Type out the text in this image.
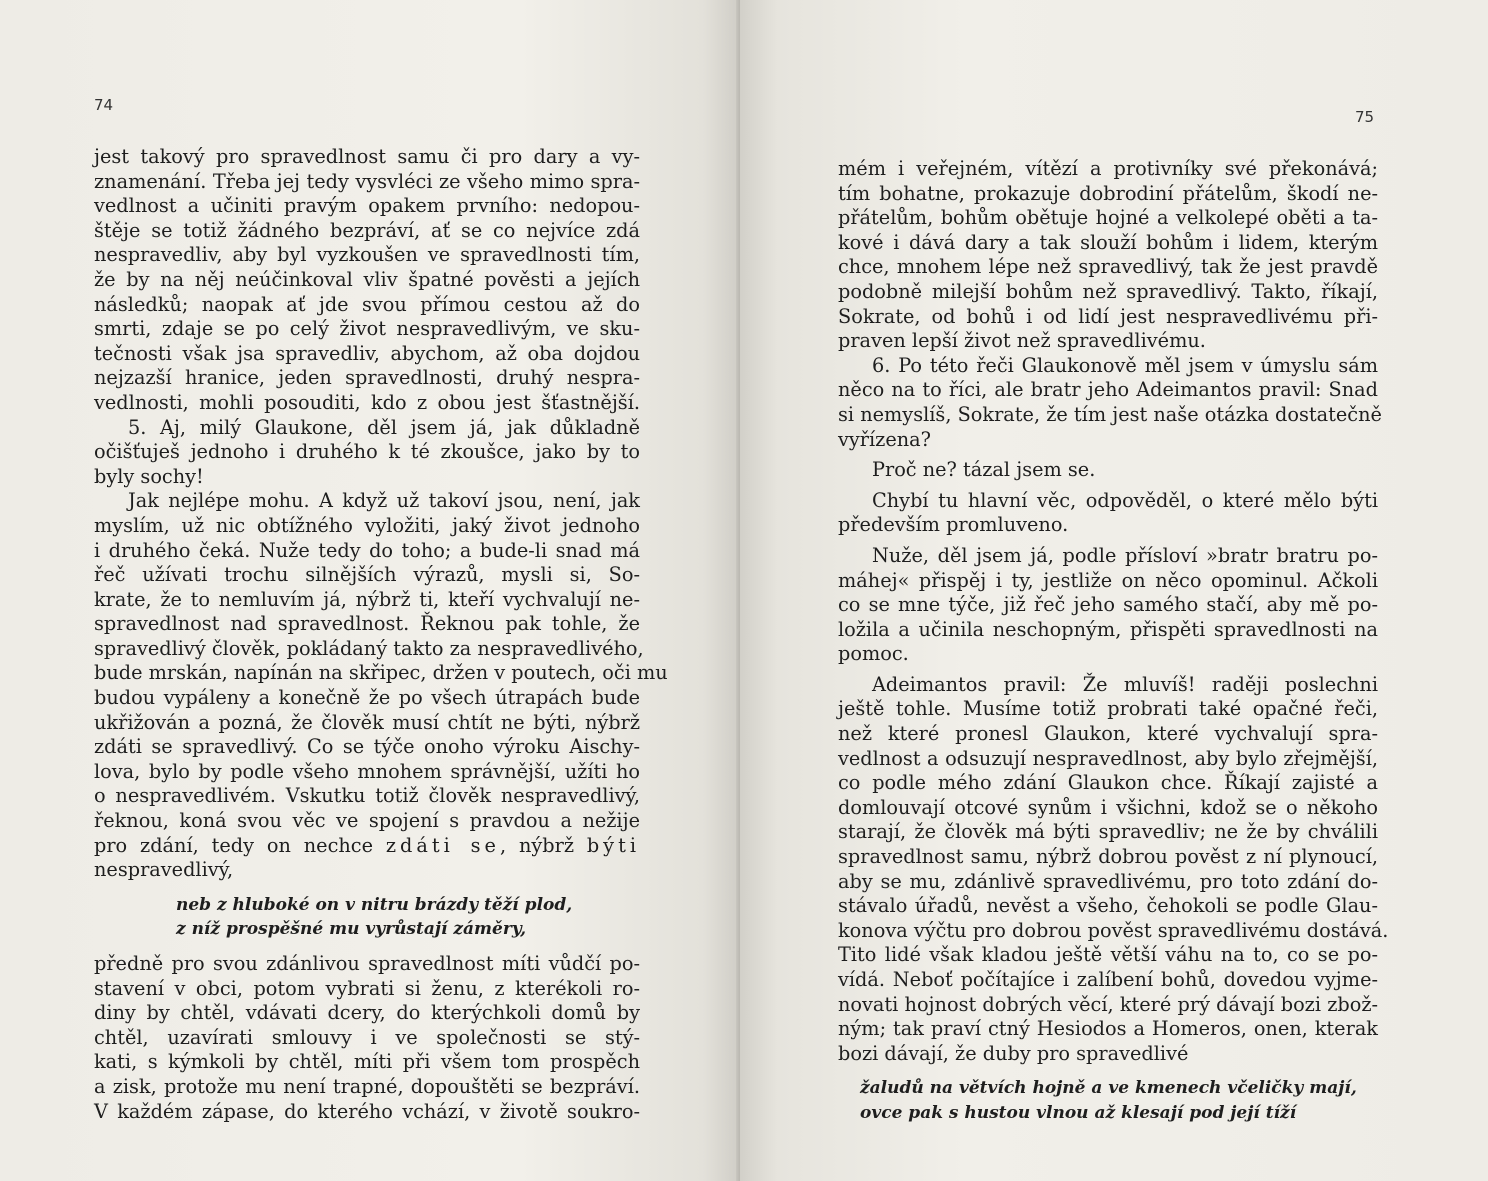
74
jest takový pro spravedlnost samu či pro dary a vy-
znamenání. Třeba jej tedy vysvléci ze všeho mimo spra-
vedlnost a učiniti pravým opakem prvního: nedopou-
štěje se totiž žádného bezpráví, ať se co nejvíce zdá
nespravedliv, aby byl vyzkoušen ve spravedlnosti tím,
že by na něj neúčinkoval vliv špatné pověsti a jejích
následků; naopak ať jde svou přímou cestou až do
smrti, zdaje se po celý život nespravedlivým, ve sku-
tečnosti však jsa spravedliv, abychom, až oba dojdou
nejzazší hranice, jeden spravedlnosti, druhý nespra-
vedlnosti, mohli posouditi, kdo z obou jest šťastnější.
5. Aj, milý Glaukone, děl jsem já, jak důkladně
očišťuješ jednoho i druhého k té zkoušce, jako by to
byly sochy!
Jak nejlépe mohu. A když už takoví jsou, není, jak
myslím, už nic obtížného vyložiti, jaký život jednoho
i druhého čeká. Nuže tedy do toho; a bude-li snad má
řeč užívati trochu silnějších výrazů, mysli si, So-
krate, že to nemluvím já, nýbrž ti, kteří vychvalují ne-
spravedlnost nad spravedlnost. Řeknou pak tohle, že
spravedlivý člověk, pokládaný takto za nespravedlivého,
bude mrskán, napínán na skřipec, držen v poutech, oči mu
budou vypáleny a konečně že po všech útrapách bude
ukřižován a pozná, že člověk musí chtít ne býti, nýbrž
zdáti se spravedlivý. Co se týče onoho výroku Aischy-
lova, bylo by podle všeho mnohem správnější, užíti ho
o nespravedlivém. Vskutku totiž člověk nespravedlivý,
řeknou, koná svou věc ve spojení s pravdou a nežije
pro zdání, tedy on nechce zdáti se, nýbrž býti
nespravedlivý,
neb z hluboké on v nitru brázdy těží plod,
z níž prospěšné mu vyrůstají záměry,
předně pro svou zdánlivou spravedlnost míti vůdčí po-
stavení v obci, potom vybrati si ženu, z kterékoli ro-
diny by chtěl, vdávati dcery, do kterýchkoli domů by
chtěl, uzavírati smlouvy i ve společnosti se stý-
kati, s kýmkoli by chtěl, míti při všem tom prospěch
a zisk, protože mu není trapné, dopouštěti se bezpráví.
V každém zápase, do kterého vchází, v životě soukro-
75
mém i veřejném, vítězí a protivníky své překonává;
tím bohatne, prokazuje dobrodiní přátelům, škodí ne-
přátelům, bohům obětuje hojné a velkolepé oběti a ta-
kové i dává dary a tak slouží bohům i lidem, kterým
chce, mnohem lépe než spravedlivý, tak že jest pravdě
podobně milejší bohům než spravedlivý. Takto, říkají,
Sokrate, od bohů i od lidí jest nespravedlivému při-
praven lepší život než spravedlivému.
6. Po této řeči Glaukonově měl jsem v úmyslu sám
něco na to říci, ale bratr jeho Adeimantos pravil: Snad
si nemyslíš, Sokrate, že tím jest naše otázka dostatečně
vyřízena?
Proč ne? tázal jsem se.
Chybí tu hlavní věc, odpověděl, o které mělo býti
především promluveno.
Nuže, děl jsem já, podle přísloví »bratr bratru po-
máhej« přispěj i ty, jestliže on něco opominul. Ačkoli
co se mne týče, již řeč jeho samého stačí, aby mě po-
ložila a učinila neschopným, přispěti spravedlnosti na
pomoc.
Adeimantos pravil: Že mluvíš! raději poslechni
ještě tohle. Musíme totiž probrati také opačné řeči,
než které pronesl Glaukon, které vychvalují spra-
vedlnost a odsuzují nespravedlnost, aby bylo zřejmější,
co podle mého zdání Glaukon chce. Říkají zajisté a
domlouvají otcové synům i všichni, kdož se o někoho
starají, že člověk má býti spravedliv; ne že by chválili
spravedlnost samu, nýbrž dobrou pověst z ní plynoucí,
aby se mu, zdánlivě spravedlivému, pro toto zdání do-
stávalo úřadů, nevěst a všeho, čehokoli se podle Glau-
konova výčtu pro dobrou pověst spravedlivému dostává.
Tito lidé však kladou ještě větší váhu na to, co se po-
vídá. Neboť počítajíce i zalíbení bohů, dovedou vyjme-
novati hojnost dobrých věcí, které prý dávají bozi zbož-
ným; tak praví ctný Hesiodos a Homeros, onen, kterak
bozi dávají, že duby pro spravedlivé
žaludů na větvích hojně a ve kmenech včeličky mají,
ovce pak s hustou vlnou až klesají pod její tíží
